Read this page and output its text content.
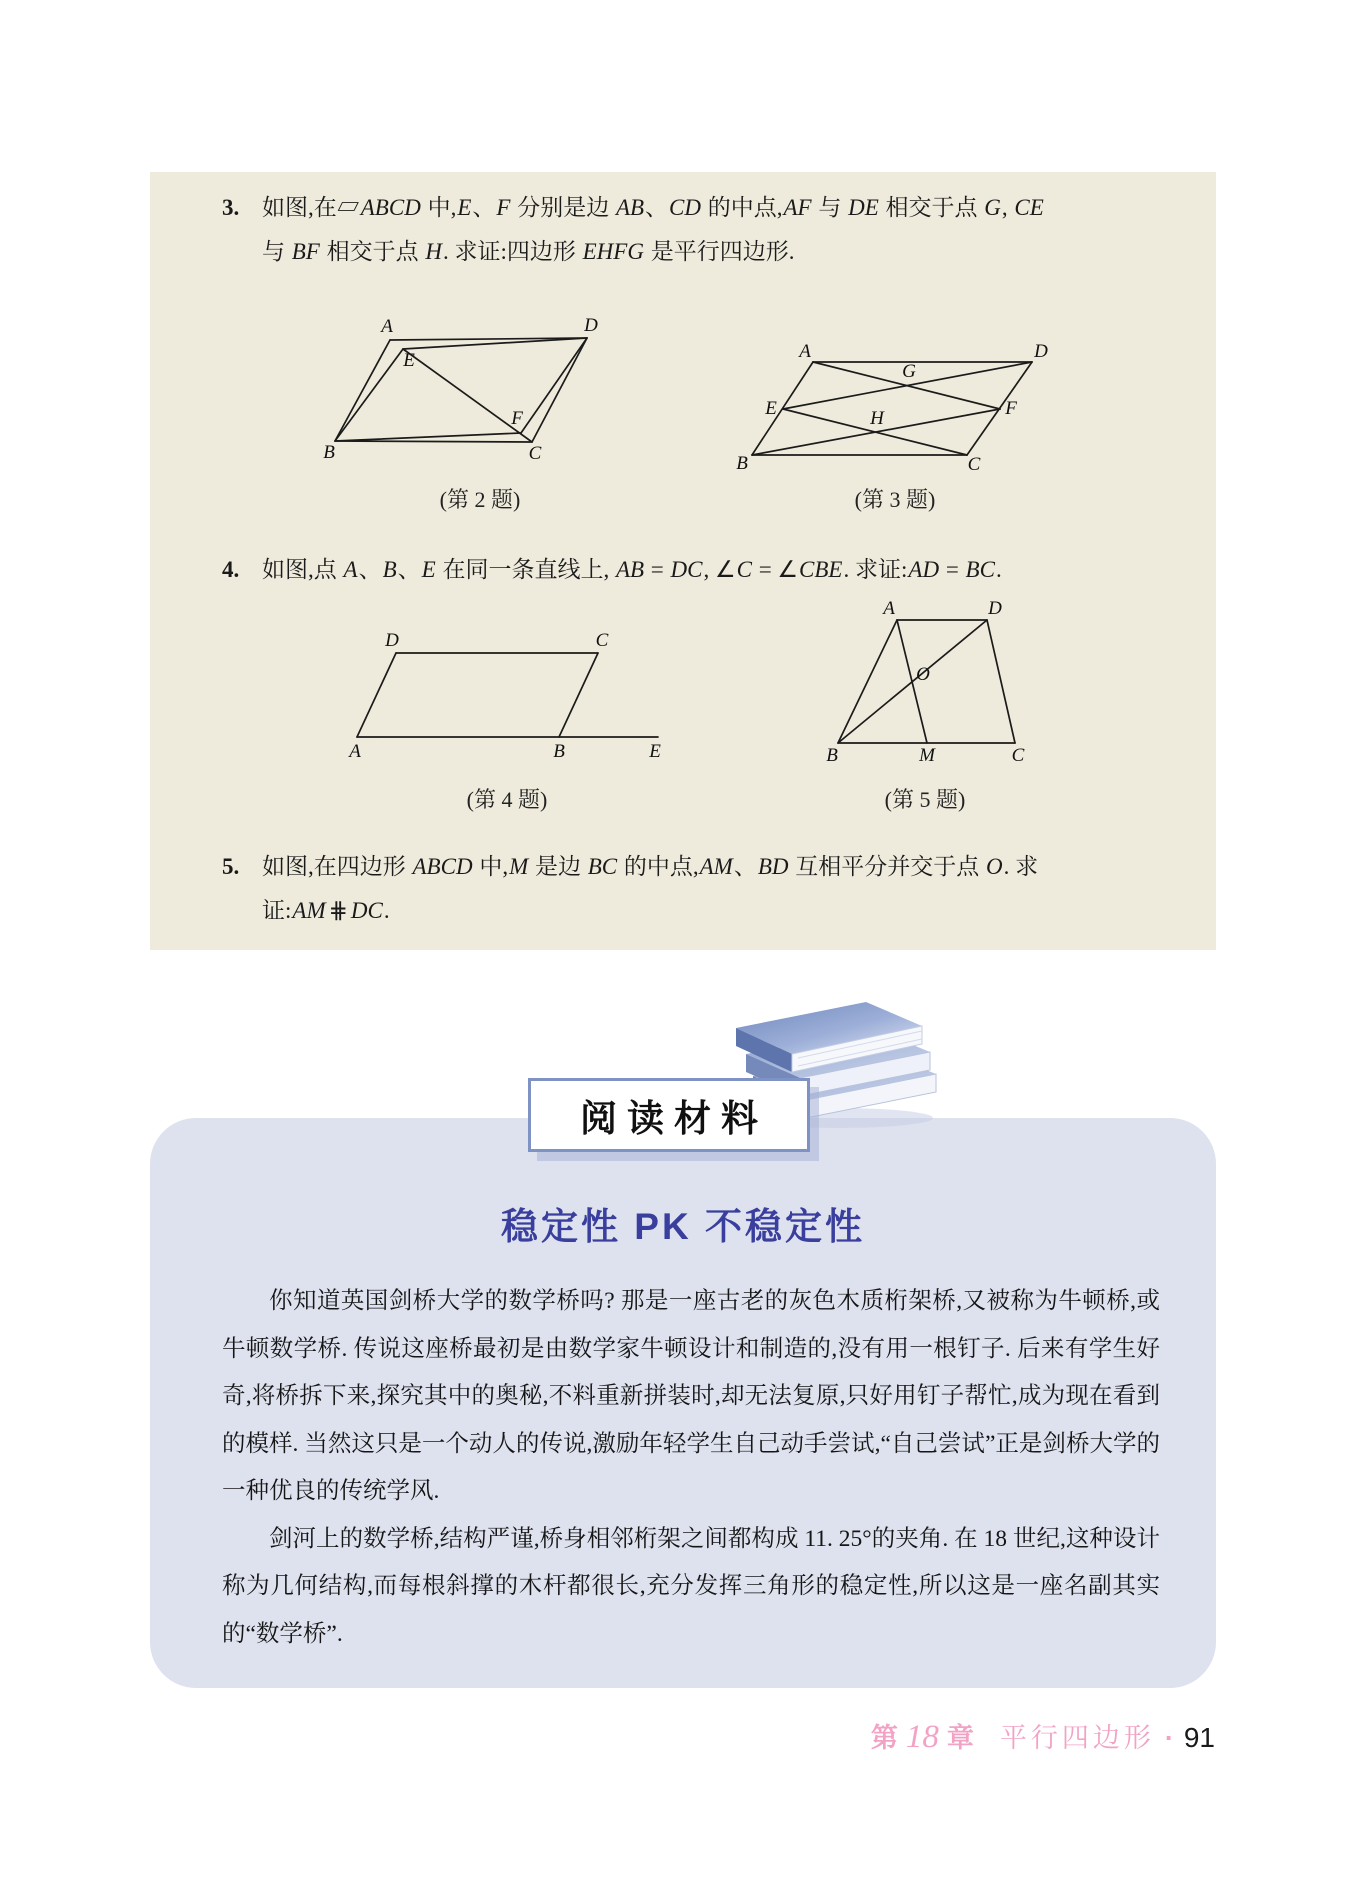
3. 如图,在▱ABCD 中,E、F 分别是边 AB、CD 的中点,AF 与 DE 相交于点 G, CE
与 BF 相交于点 H. 求证:四边形 EHFG 是平行四边形.
A	D
B	C
E
F
A	D
E	F
B	C
G
H
(第 2 题)	(第 3 题)
4. 如图,点 A、B、E 在同一条直线上, AB = DC, ∠C = ∠CBE. 求证:AD = BC.
D	C
A	B	E
A	D
B	C
M
O
(第 4 题)	(第 5 题)
5. 如图,在四边形 ABCD 中,M 是边 BC 的中点,AM、BD 互相平分并交于点 O. 求
证:AM ⋕ DC.
阅读材料
稳定性 PK 不稳定性

你知道英国剑桥大学的数学桥吗? 那是一座古老的灰色木质桁架桥,又被称为牛顿桥,或牛顿数学桥. 传说这座桥最初是由数学家牛顿设计和制造的,没有用一根钉子. 后来有学生好奇,将桥拆下来,探究其中的奥秘,不料重新拼装时,却无法复原,只好用钉子帮忙,成为现在看到的模样. 当然这只是一个动人的传说,激励年轻学生自己动手尝试,“自己尝试”正是剑桥大学的一种优良的传统学风.

剑河上的数学桥,结构严谨,桥身相邻桁架之间都构成 11. 25°的夹角. 在 18 世纪,这种设计称为几何结构,而每根斜撑的木杆都很长,充分发挥三角形的稳定性,所以这是一座名副其实的“数学桥”.

第 18 章 平行四边形 · 91
